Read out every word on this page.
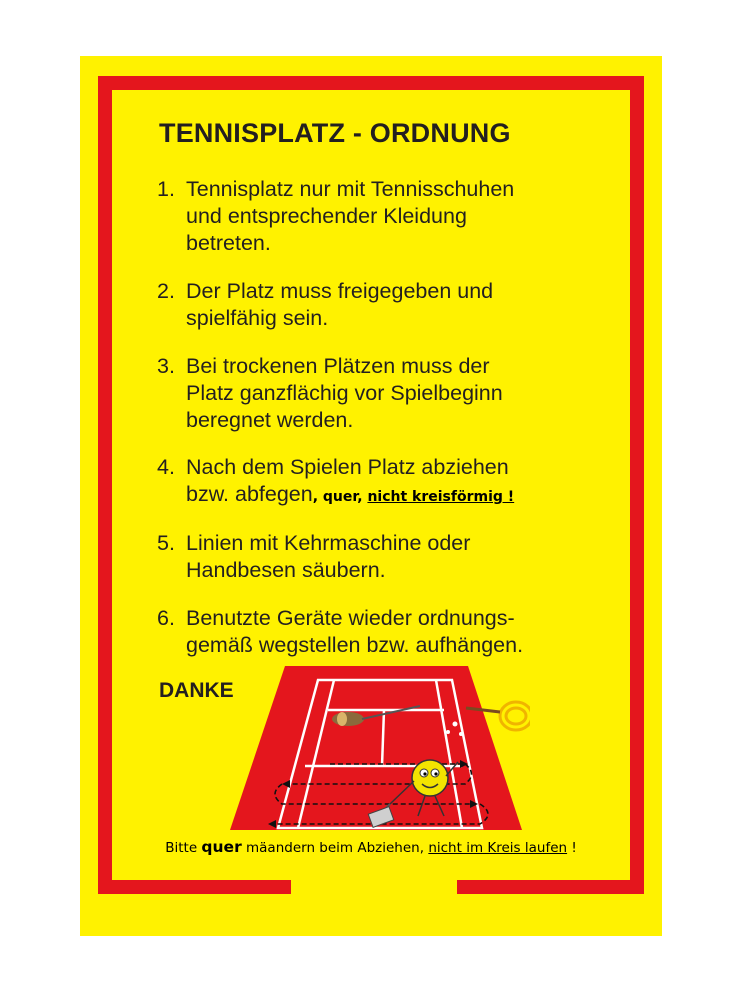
TENNISPLATZ - ORDNUNG
1. Tennisplatz nur mit Tennisschuhen
und entsprechender Kleidung
betreten.
2. Der Platz muss freigegeben und
spielfähig sein.
3. Bei trockenen Plätzen muss der
Platz ganzflächig vor Spielbeginn
beregnet werden.
4. Nach dem Spielen Platz abziehen
bzw. abfegen, quer, nicht kreisförmig !
5. Linien mit Kehrmaschine oder
Handbesen säubern.
6. Benutzte Geräte wieder ordnungs-
gemäß wegstellen bzw. aufhängen.

DANKE

Bitte quer mäandern beim Abziehen, nicht im Kreis laufen !
